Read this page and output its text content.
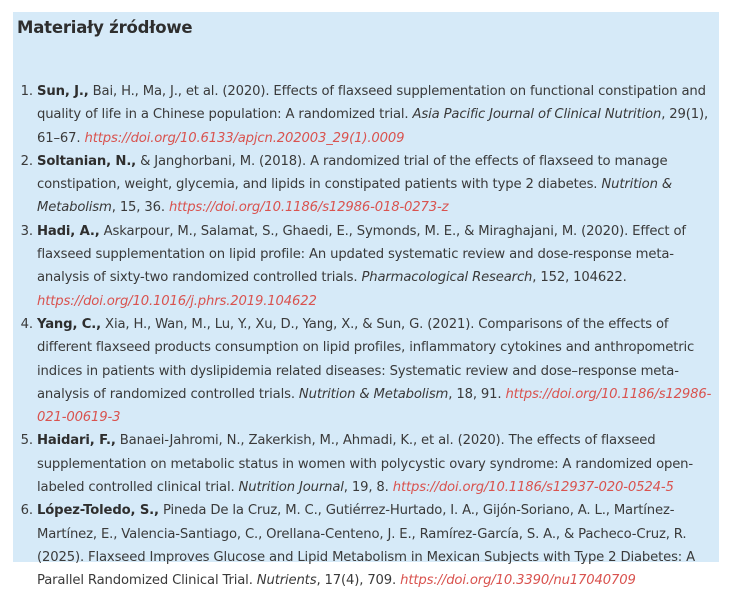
Materiały źródłowe
1. Sun, J., Bai, H., Ma, J., et al. (2020). Effects of flaxseed supplementation on functional constipation and quality of life in a Chinese population: A randomized trial. Asia Pacific Journal of Clinical Nutrition, 29(1), 61–67. https://doi.org/10.6133/apjcn.202003_29(1).0009
2. Soltanian, N., & Janghorbani, M. (2018). A randomized trial of the effects of flaxseed to manage constipation, weight, glycemia, and lipids in constipated patients with type 2 diabetes. Nutrition & Metabolism, 15, 36. https://doi.org/10.1186/s12986-018-0273-z
3. Hadi, A., Askarpour, M., Salamat, S., Ghaedi, E., Symonds, M. E., & Miraghajani, M. (2020). Effect of flaxseed supplementation on lipid profile: An updated systematic review and dose-response meta-analysis of sixty-two randomized controlled trials. Pharmacological Research, 152, 104622. https://doi.org/10.1016/j.phrs.2019.104622
4. Yang, C., Xia, H., Wan, M., Lu, Y., Xu, D., Yang, X., & Sun, G. (2021). Comparisons of the effects of different flaxseed products consumption on lipid profiles, inflammatory cytokines and anthropometric indices in patients with dyslipidemia related diseases: Systematic review and dose–response meta-analysis of randomized controlled trials. Nutrition & Metabolism, 18, 91. https://doi.org/10.1186/s12986-021-00619-3
5. Haidari, F., Banaei-Jahromi, N., Zakerkish, M., Ahmadi, K., et al. (2020). The effects of flaxseed supplementation on metabolic status in women with polycystic ovary syndrome: A randomized open-labeled controlled clinical trial. Nutrition Journal, 19, 8. https://doi.org/10.1186/s12937-020-0524-5
6. López-Toledo, S., Pineda De la Cruz, M. C., Gutiérrez-Hurtado, I. A., Gijón-Soriano, A. L., Martínez-Martínez, E., Valencia-Santiago, C., Orellana-Centeno, J. E., Ramírez-García, S. A., & Pacheco-Cruz, R. (2025). Flaxseed Improves Glucose and Lipid Metabolism in Mexican Subjects with Type 2 Diabetes: A Parallel Randomized Clinical Trial. Nutrients, 17(4), 709. https://doi.org/10.3390/nu17040709
